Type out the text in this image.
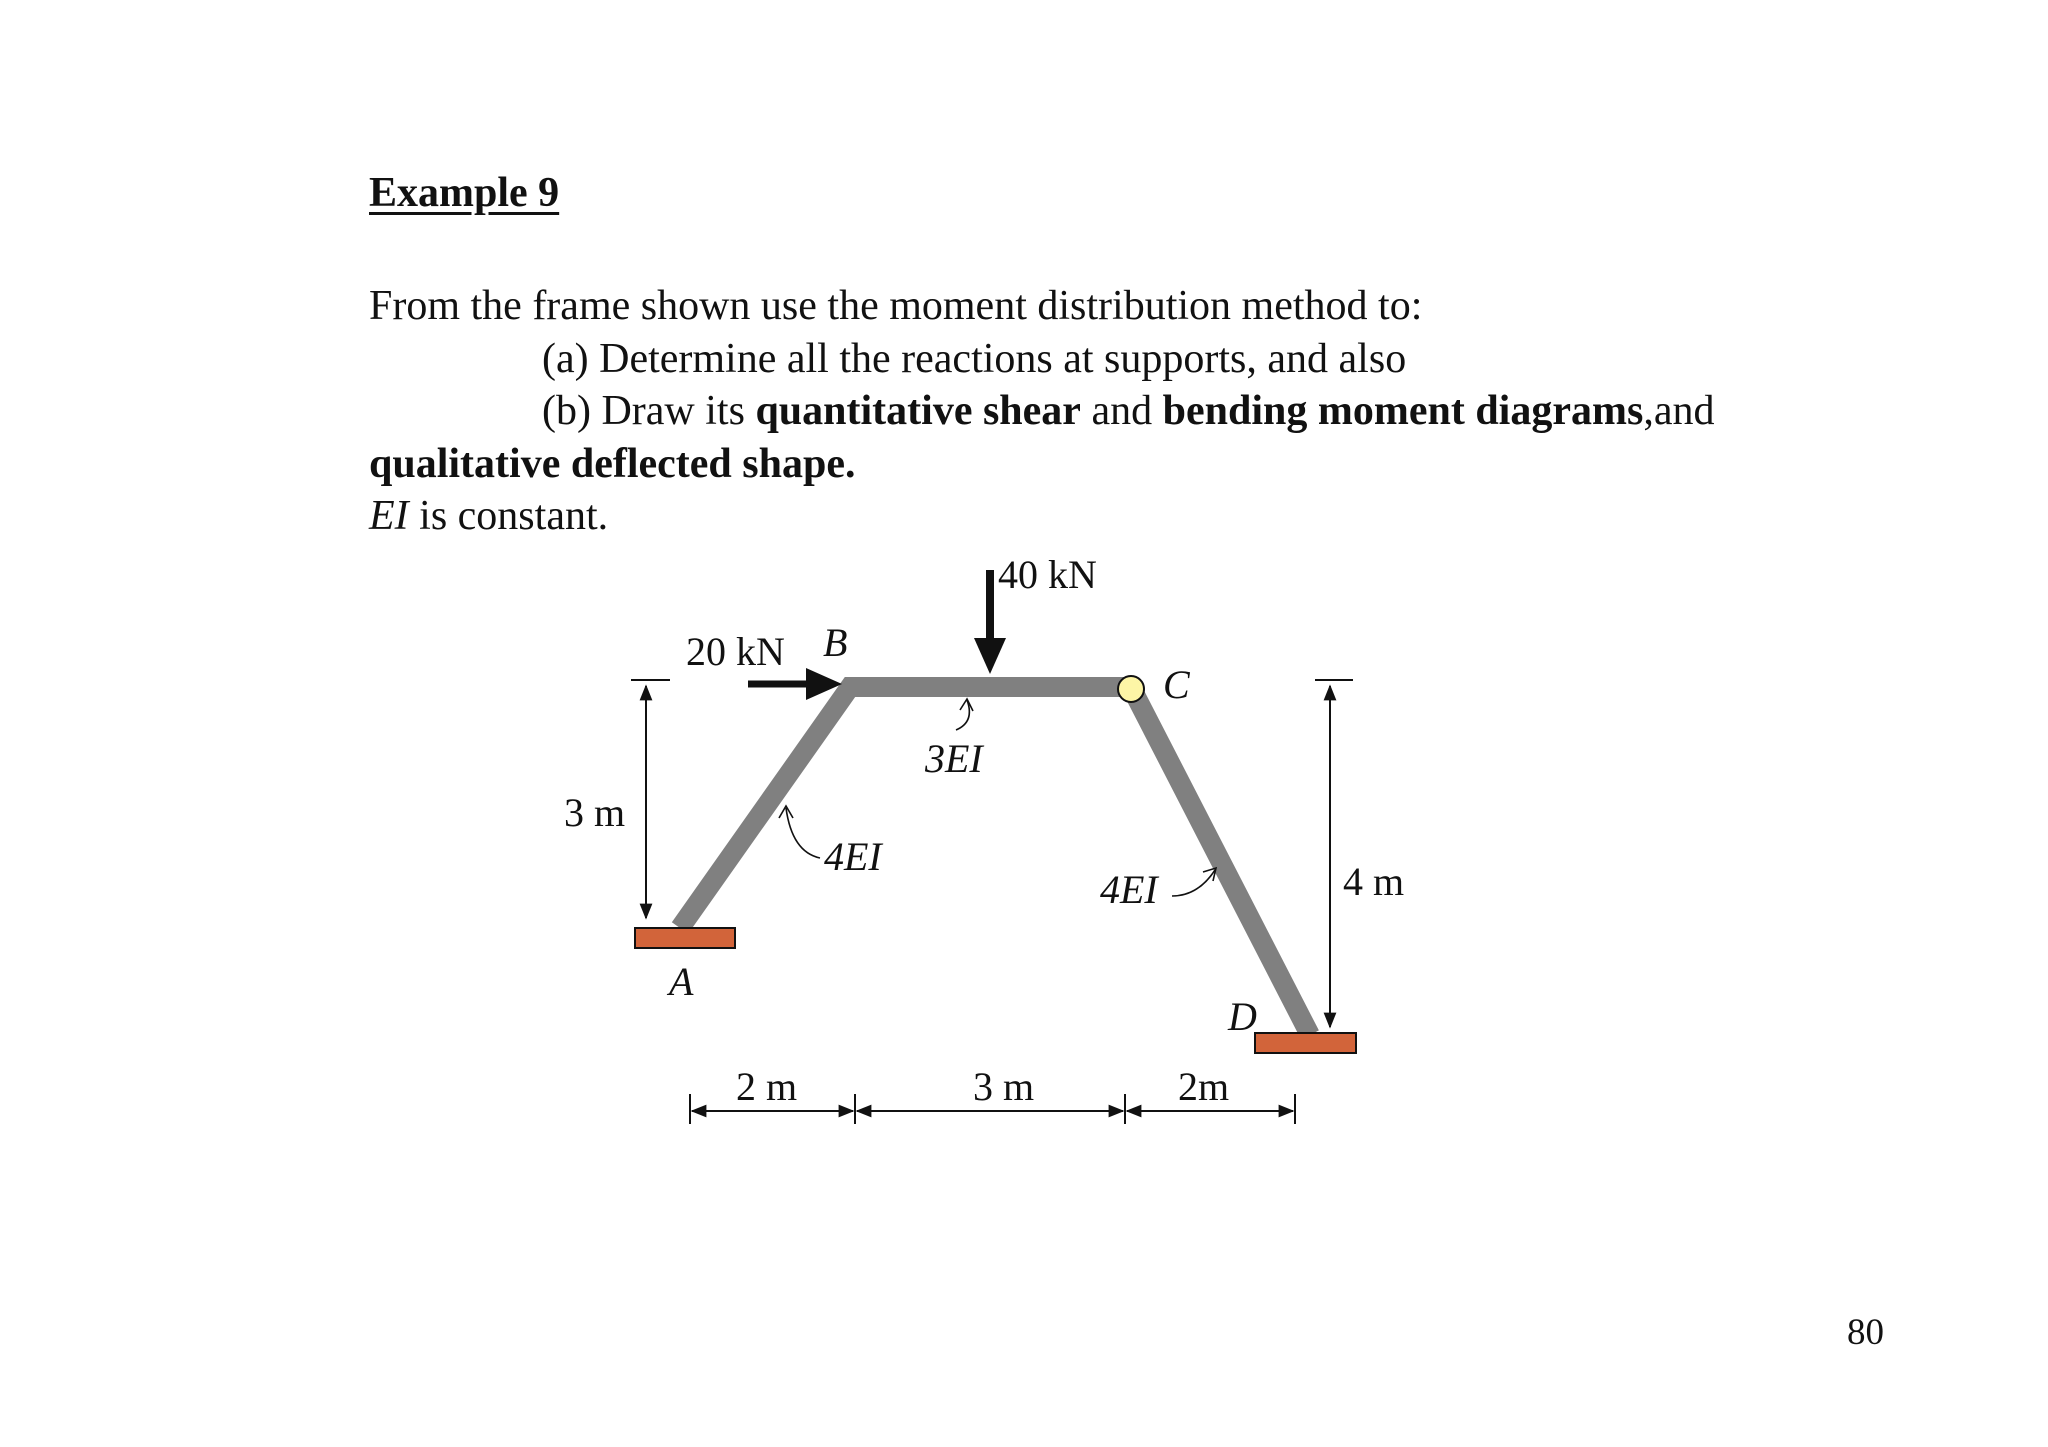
Example 9
From the frame shown use the moment distribution method to:
(a) Determine all the reactions at supports, and also
(b) Draw its quantitative shear and bending moment diagrams,and
qualitative deflected shape.
EI is constant.
40 kN
20 kN
A
B
C
D
4EI
3EI
4EI
3 m
4 m
2 m	3 m	2m
80
